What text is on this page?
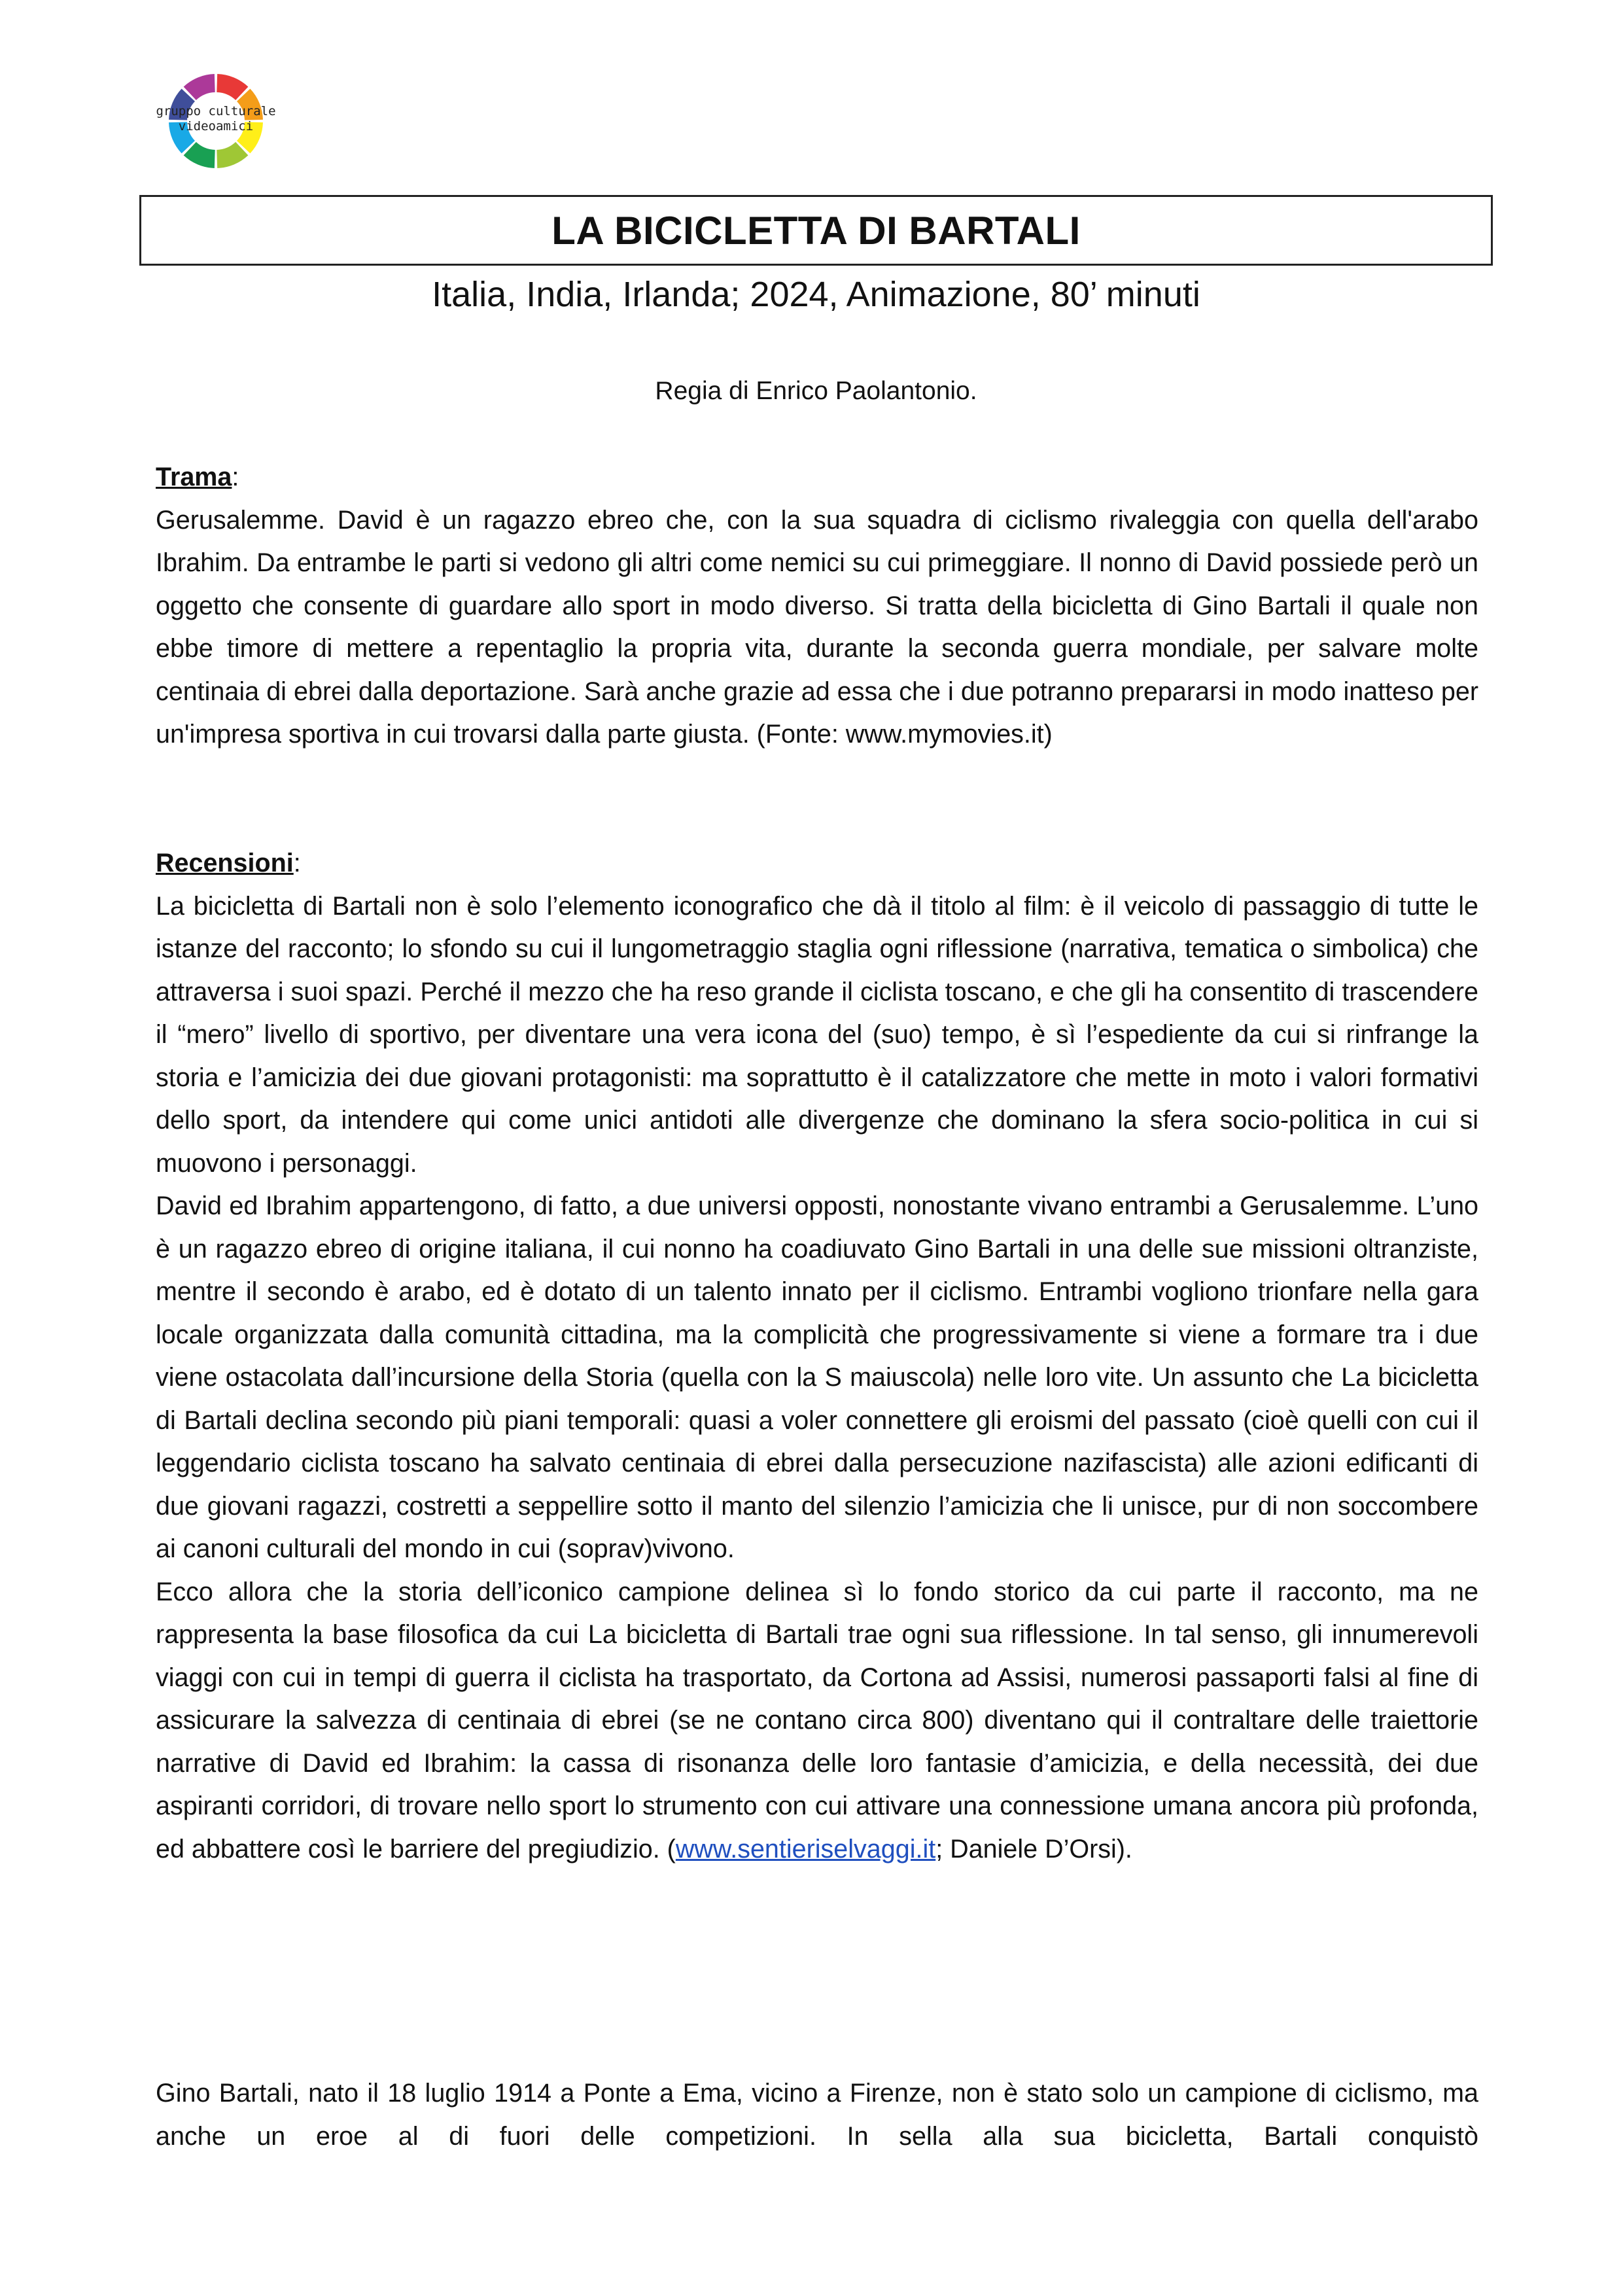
gruppo culturale
videoamici
LA BICICLETTA DI BARTALI
Italia, India, Irlanda; 2024, Animazione, 80’ minuti
Regia di Enrico Paolantonio.
Trama:

Gerusalemme. David è un ragazzo ebreo che, con la sua squadra di ciclismo rivaleggia con quella dell'arabo Ibrahim. Da entrambe le parti si vedono gli altri come nemici su cui primeggiare. Il nonno di David possiede però un oggetto che consente di guardare allo sport in modo diverso. Si tratta della bicicletta di Gino Bartali il quale non ebbe timore di mettere a repentaglio la propria vita, durante la seconda guerra mondiale, per salvare molte centinaia di ebrei dalla deportazione. Sarà anche grazie ad essa che i due potranno prepararsi in modo inatteso per un'impresa sportiva in cui trovarsi dalla parte giusta. (Fonte: www.mymovies.it)

Recensioni:

La bicicletta di Bartali non è solo l’elemento iconografico che dà il titolo al film: è il veicolo di passaggio di tutte le istanze del racconto; lo sfondo su cui il lungometraggio staglia ogni riflessione (narrativa, tematica o simbolica) che attraversa i suoi spazi. Perché il mezzo che ha reso grande il ciclista toscano, e che gli ha consentito di trascendere il “mero” livello di sportivo, per diventare una vera icona del (suo) tempo, è sì l’espediente da cui si rinfrange la storia e l’amicizia dei due giovani protagonisti: ma soprattutto è il catalizzatore che mette in moto i valori formativi dello sport, da intendere qui come unici antidoti alle divergenze che dominano la sfera socio-politica in cui si muovono i personaggi.

David ed Ibrahim appartengono, di fatto, a due universi opposti, nonostante vivano entrambi a Gerusalemme. L’uno è un ragazzo ebreo di origine italiana, il cui nonno ha coadiuvato Gino Bartali in una delle sue missioni oltranziste, mentre il secondo è arabo, ed è dotato di un talento innato per il ciclismo. Entrambi vogliono trionfare nella gara locale organizzata dalla comunità cittadina, ma la complicità che progressivamente si viene a formare tra i due viene ostacolata dall’incursione della Storia (quella con la S maiuscola) nelle loro vite. Un assunto che La bicicletta di Bartali declina secondo più piani temporali: quasi a voler connettere gli eroismi del passato (cioè quelli con cui il leggendario ciclista toscano ha salvato centinaia di ebrei dalla persecuzione nazifascista) alle azioni edificanti di due giovani ragazzi, costretti a seppellire sotto il manto del silenzio l’amicizia che li unisce, pur di non soccombere ai canoni culturali del mondo in cui (soprav)vivono.

Ecco allora che la storia dell’iconico campione delinea sì lo fondo storico da cui parte il racconto, ma ne rappresenta la base filosofica da cui La bicicletta di Bartali trae ogni sua riflessione. In tal senso, gli innumerevoli viaggi con cui in tempi di guerra il ciclista ha trasportato, da Cortona ad Assisi, numerosi passaporti falsi al fine di assicurare la salvezza di centinaia di ebrei (se ne contano circa 800) diventano qui il contraltare delle traiettorie narrative di David ed Ibrahim: la cassa di risonanza delle loro fantasie d’amicizia, e della necessità, dei due aspiranti corridori, di trovare nello sport lo strumento con cui attivare una connessione umana ancora più profonda, ed abbattere così le barriere del pregiudizio. (www.sentieriselvaggi.it; Daniele D’Orsi).

Gino Bartali, nato il 18 luglio 1914 a Ponte a Ema, vicino a Firenze, non è stato solo un campione di ciclismo, ma anche un eroe al di fuori delle competizioni. In sella alla sua bicicletta, Bartali conquistò
